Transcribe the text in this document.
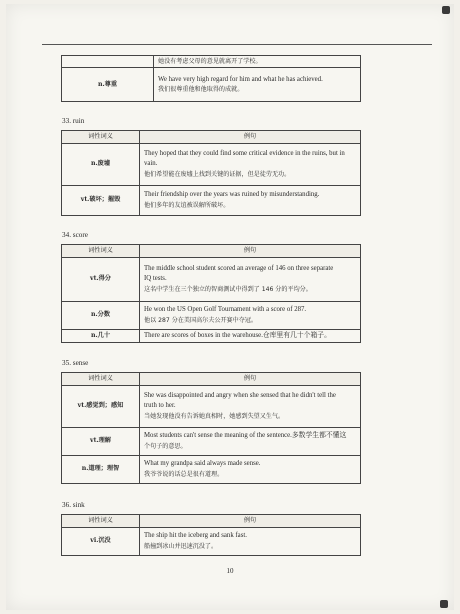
	她没有考虑父母的意见就离开了学校。

n.尊重	We have very high regard for him and what he has achieved.
我们很尊重他和他取得的成就。
33. ruin
词性词义	例句
n.废墟	They hoped that they could find some critical evidence in the ruins, but in
vain.
他们希望能在废墟上找到关键的证据，但是徒劳无功。

vt.破坏；摧毁	Their friendship over the years was ruined by misunderstanding.
他们多年的友谊被误解所破坏。
34. score
词性词义	例句
vt.得分	The middle school student scored an average of 146 on three separate
IQ tests.
这名中学生在三个独立的智商测试中得到了 146 分的平均分。

n.分数	He won the US Open Golf Tournament with a score of 287.
他以 287 分在美国高尔夫公开赛中夺冠。

n.几十	There are scores of boxes in the warehouse.仓库里有几十个箱子。
35. sense
词性词义	例句
vt.感觉到；感知	She was disappointed and angry when she sensed that he didn't tell the
truth to her.
当她发现他没有告诉她真相时，她感到失望又生气。

vt.理解	Most students can't sense the meaning of the sentence.多数学生都不懂这
个句子的意思。

n.道理；理智	What my grandpa said always made sense.
我爷爷说的话总是很有道理。
36. sink
词性词义	例句
vi.沉没	The ship hit the iceberg and sank fast.
船撞到冰山并迅速沉没了。
10
